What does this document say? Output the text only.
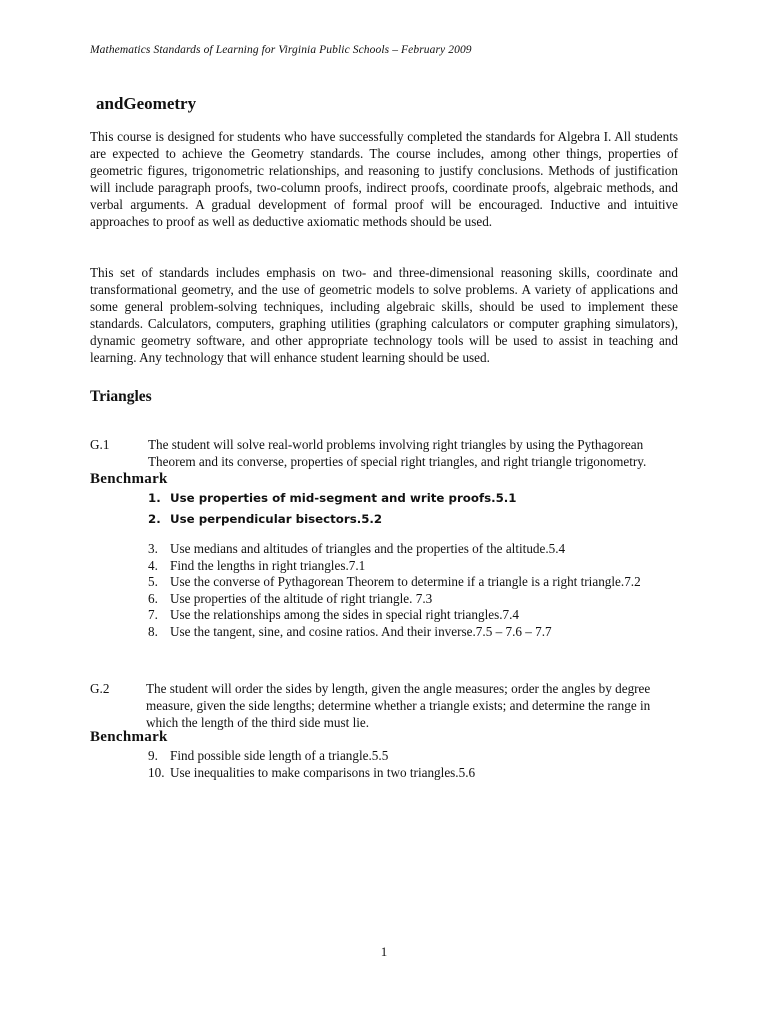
Mathematics Standards of Learning for Virginia Public Schools – February 2009
andGeometry

This course is designed for students who have successfully completed the standards for Algebra I. All students are expected to achieve the Geometry standards. The course includes, among other things, properties of geometric figures, trigonometric relationships, and reasoning to justify conclusions. Methods of justification will include paragraph proofs, two-column proofs, indirect proofs, coordinate proofs, algebraic methods, and verbal arguments. A gradual development of formal proof will be encouraged. Inductive and intuitive approaches to proof as well as deductive axiomatic methods should be used.

This set of standards includes emphasis on two- and three-dimensional reasoning skills, coordinate and transformational geometry, and the use of geometric models to solve problems. A variety of applications and some general problem-solving techniques, including algebraic skills, should be used to implement these standards. Calculators, computers, graphing utilities (graphing calculators or computer graphing simulators), dynamic geometry software, and other appropriate technology tools will be used to assist in teaching and learning. Any technology that will enhance student learning should be used.

Triangles
G.1	The student will solve real-world problems involving right triangles by using the Pythagorean Theorem and its converse, properties of special right triangles, and right triangle trigonometry.

Benchmark
1. Use properties of mid-segment and write proofs.5.1
2. Use perpendicular bisectors.5.2
3. Use medians and altitudes of triangles and the properties of the altitude.5.4
4. Find the lengths in right triangles.7.1
5. Use the converse of Pythagorean Theorem to determine if a triangle is a right triangle.7.2
6. Use properties of the altitude of right triangle. 7.3
7. Use the relationships among the sides in special right triangles.7.4
8. Use the tangent, sine, and cosine ratios. And their inverse.7.5 – 7.6 – 7.7
G.2	The student will order the sides by length, given the angle measures; order the angles by degree measure, given the side lengths; determine whether a triangle exists; and determine the range in which the length of the third side must lie.

Benchmark
9. Find possible side length of a triangle.5.5
10. Use inequalities to make comparisons in two triangles.5.6
1
